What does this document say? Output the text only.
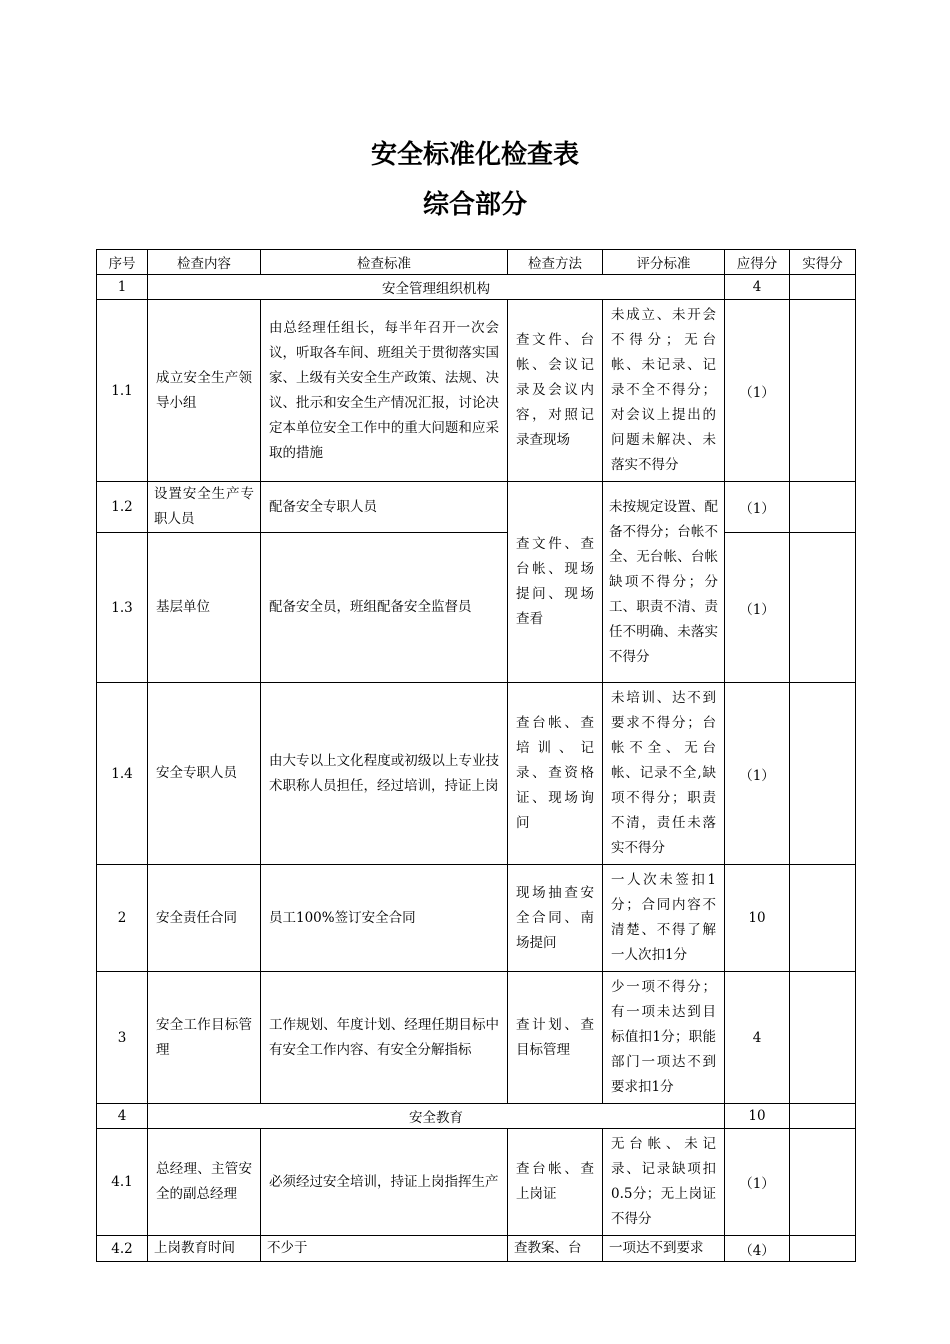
安全标准化检查表
综合部分
序号	检查内容	检查标准	检查方法	评分标准	应得分	实得分
1	安全管理组织机构				4	
1.1	成立安全生产领导小组	由总经理任组长，每半年召开一次会议，听取各车间、班组关于贯彻落实国家、上级有关安全生产政策、法规、决议、批示和安全生产情况汇报，讨论决定本单位安全工作中的重大问题和应采取的措施	查文件、台帐、会议记录及会议内容，对照记录查现场	未成立、未开会不得分；无台帐、未记录、记录不全不得分；对会议上提出的问题未解决、未落实不得分	（1）	
1.2	设置安全生产专职人员	配备安全专职人员	查文件、查台帐、现场提问、现场查看	未按规定设置、配备不得分；台帐不全、无台帐、台帐缺项不得分；分工、职责不清、责任不明确、未落实不得分	（1）	
1.3	基层单位	配备安全员，班组配备安全监督员			（1）	
1.4	安全专职人员	由大专以上文化程度或初级以上专业技术职称人员担任，经过培训，持证上岗	查台帐、查培训、记录、查资格证、现场询问	未培训、达不到要求不得分；台帐不全、无台帐、记录不全,缺项不得分；职责不清，责任未落实不得分	（1）	
2	安全责任合同	员工100%签订安全合同	现场抽查安全合同、南场提问	一人次未签扣1分；合同内容不清楚、不得了解一人次扣1分	10	
3	安全工作目标管理	工作规划、年度计划、经理任期目标中有安全工作内容、有安全分解指标	查计划、查目标管理	少一项不得分；有一项未达到目标值扣1分；职能部门一项达不到要求扣1分	4	
4	安全教育				10	
4.1	总经理、主管安全的副总经理	必须经过安全培训，持证上岗指挥生产	查台帐、查上岗证	无台帐、未记录、记录缺项扣0.5分；无上岗证不得分	（1）	
4.2	上岗教育时间	不少于	查教案、台	一项达不到要求	（4）	
